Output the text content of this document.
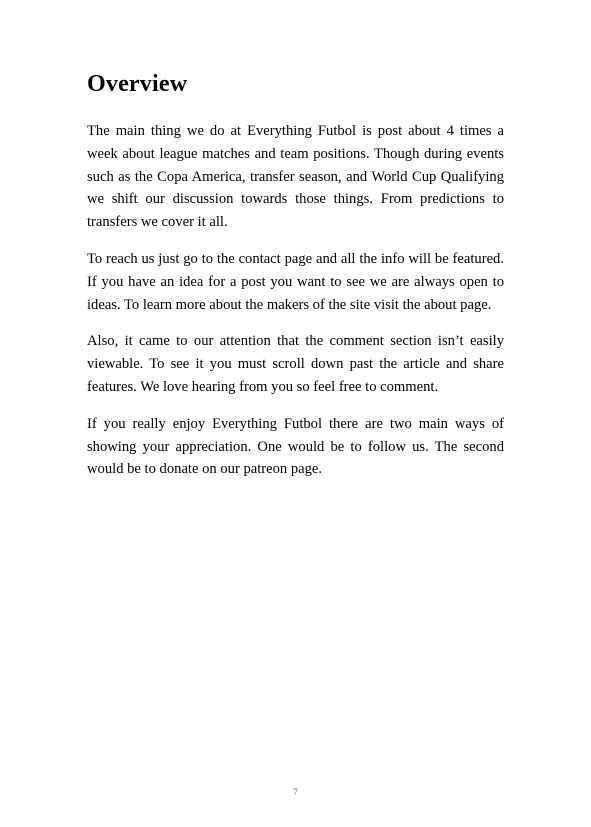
Overview

The main thing we do at Everything Futbol is post about 4 times a week about league matches and team positions. Though during events such as the Copa America, transfer season, and World Cup Qualifying we shift our discussion towards those things. From predictions to transfers we cover it all.

To reach us just go to the contact page and all the info will be featured. If you have an idea for a post you want to see we are always open to ideas. To learn more about the makers of the site visit the about page.

Also, it came to our attention that the comment section isn’t easily viewable. To see it you must scroll down past the article and share features. We love hearing from you so feel free to comment.

If you really enjoy Everything Futbol there are two main ways of showing your appreciation. One would be to follow us. The second would be to donate on our patreon page.

7
